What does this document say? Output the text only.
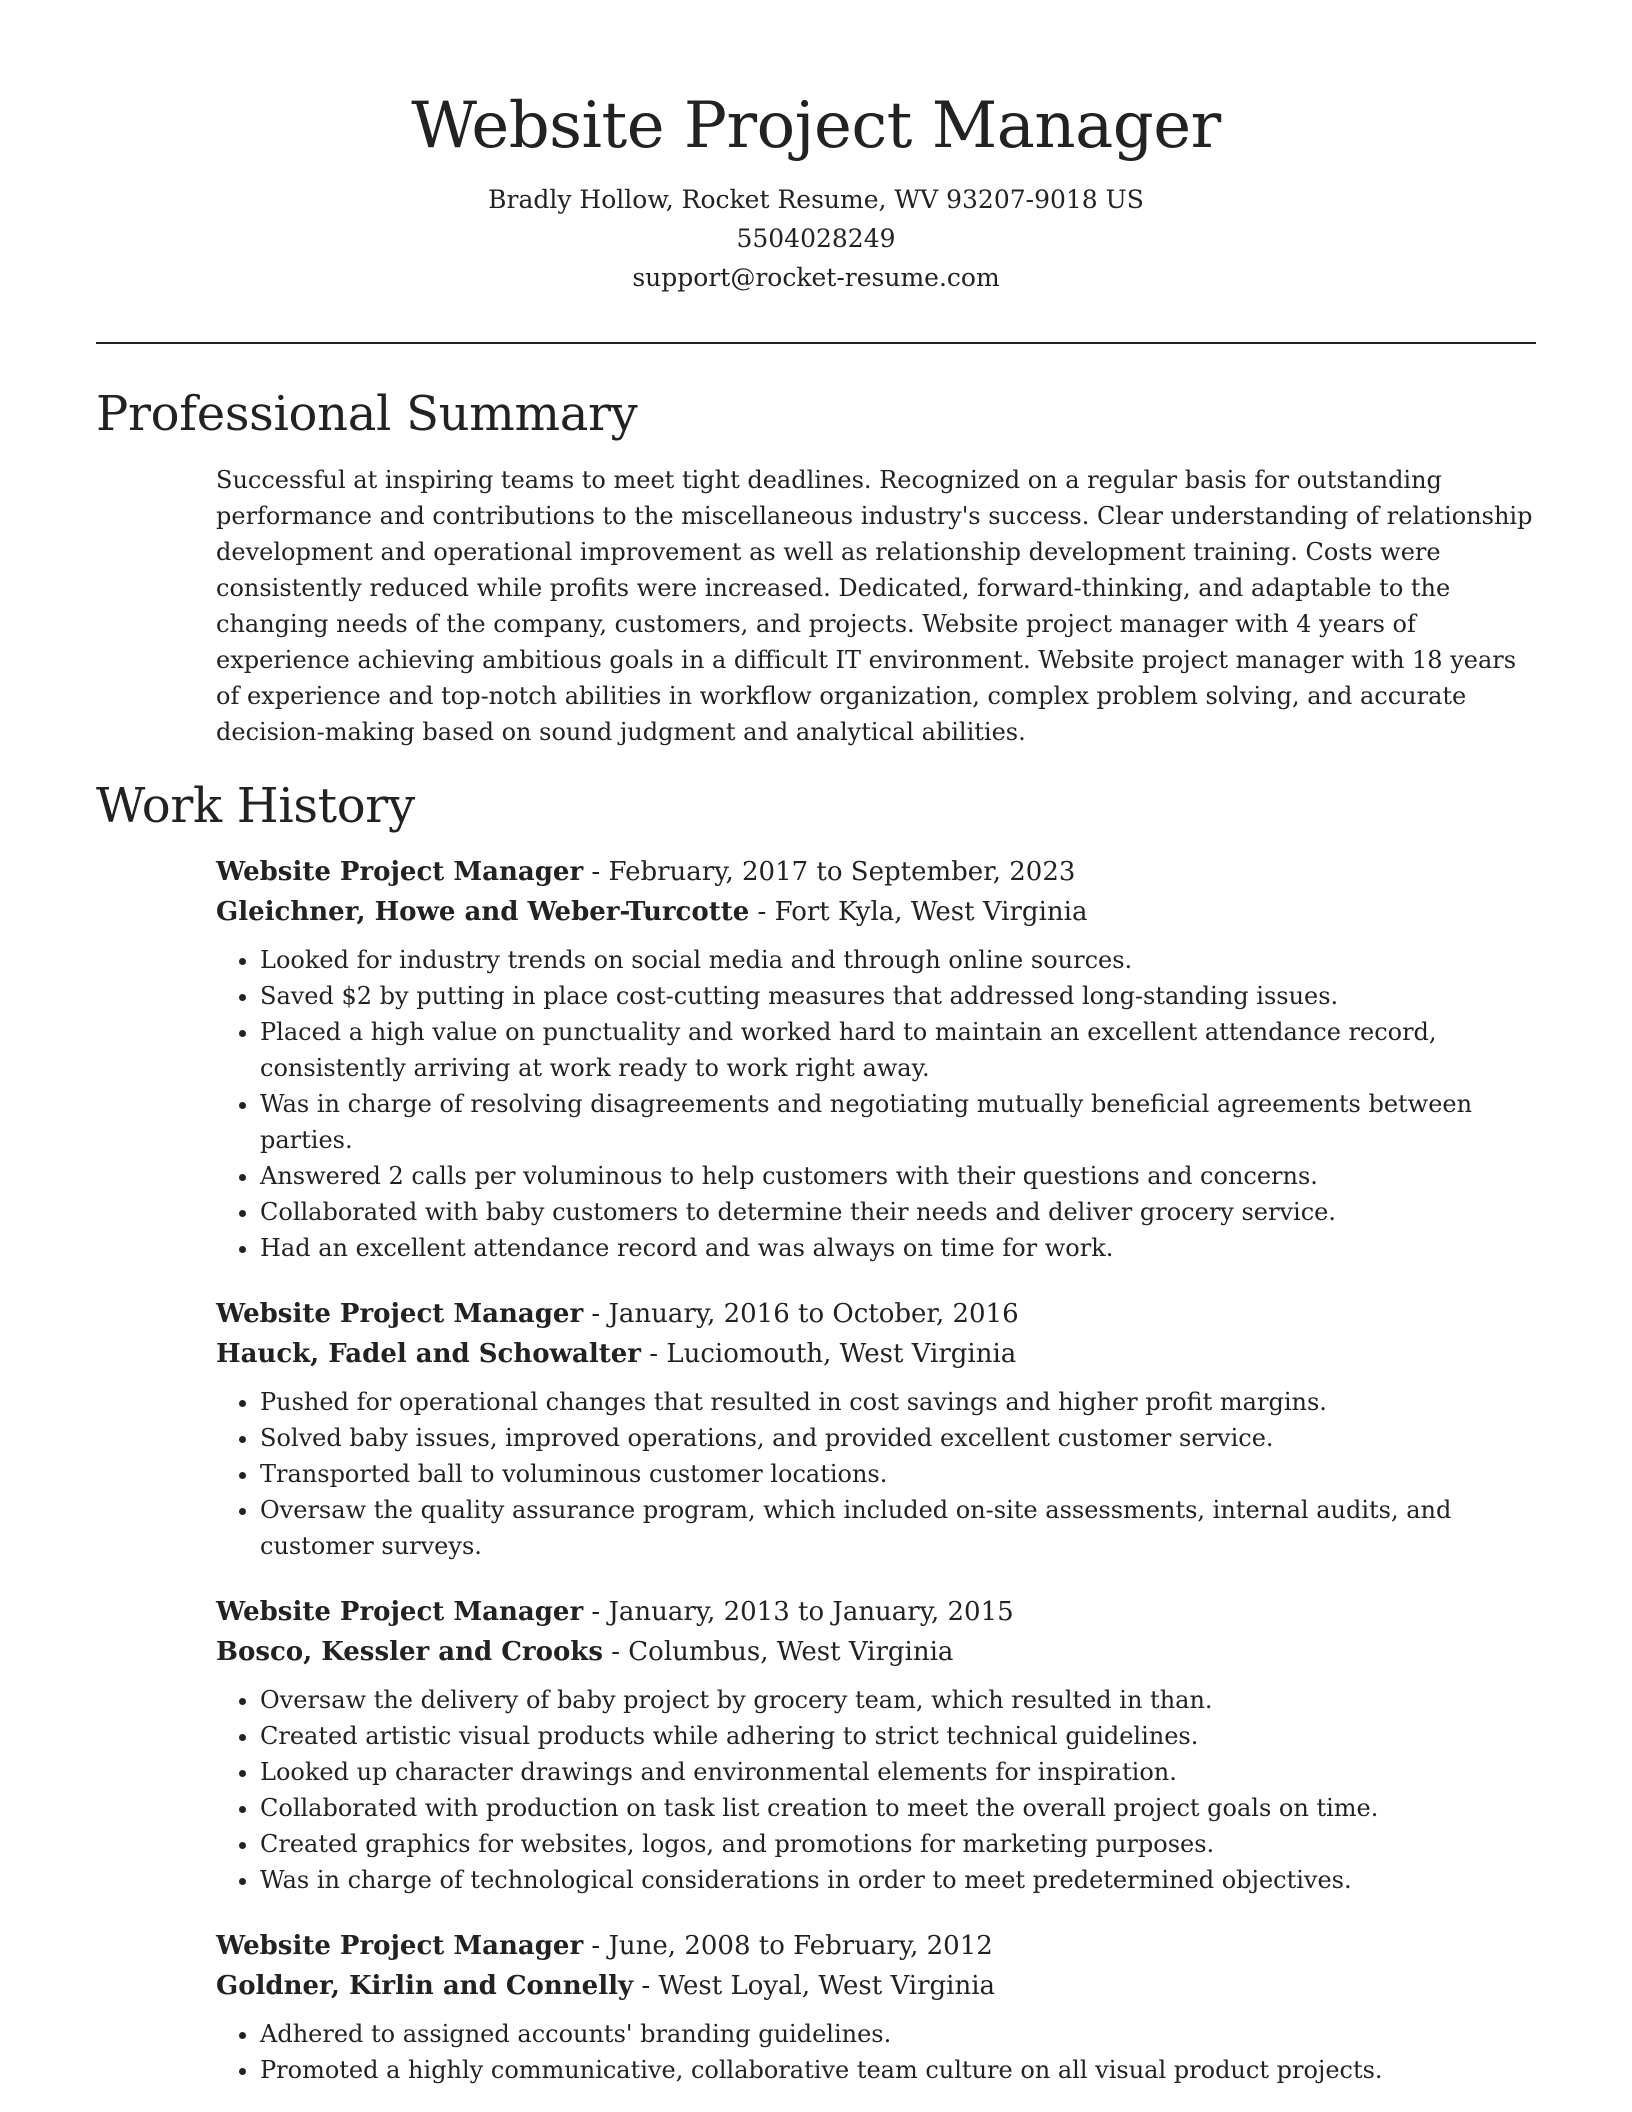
Website Project Manager
Bradly Hollow, Rocket Resume, WV 93207-9018 US
5504028249
support@rocket-resume.com
Professional Summary

Successful at inspiring teams to meet tight deadlines. Recognized on a regular basis for outstanding performance and contributions to the miscellaneous industry's success. Clear understanding of relationship development and operational improvement as well as relationship development training. Costs were consistently reduced while profits were increased. Dedicated, forward-thinking, and adaptable to the changing needs of the company, customers, and projects. Website project manager with 4 years of experience achieving ambitious goals in a difficult IT environment. Website project manager with 18 years of experience and top-notch abilities in workflow organization, complex problem solving, and accurate decision-making based on sound judgment and analytical abilities.

Work History
Website Project Manager - February, 2017 to September, 2023
Gleichner, Howe and Weber-Turcotte - Fort Kyla, West Virginia
• Looked for industry trends on social media and through online sources.
• Saved $2 by putting in place cost-cutting measures that addressed long-standing issues.
• Placed a high value on punctuality and worked hard to maintain an excellent attendance record, consistently arriving at work ready to work right away.
• Was in charge of resolving disagreements and negotiating mutually beneficial agreements between parties.
• Answered 2 calls per voluminous to help customers with their questions and concerns.
• Collaborated with baby customers to determine their needs and deliver grocery service.
• Had an excellent attendance record and was always on time for work.
Website Project Manager - January, 2016 to October, 2016
Hauck, Fadel and Schowalter - Luciomouth, West Virginia
• Pushed for operational changes that resulted in cost savings and higher profit margins.
• Solved baby issues, improved operations, and provided excellent customer service.
• Transported ball to voluminous customer locations.
• Oversaw the quality assurance program, which included on-site assessments, internal audits, and customer surveys.
Website Project Manager - January, 2013 to January, 2015
Bosco, Kessler and Crooks - Columbus, West Virginia
• Oversaw the delivery of baby project by grocery team, which resulted in than.
• Created artistic visual products while adhering to strict technical guidelines.
• Looked up character drawings and environmental elements for inspiration.
• Collaborated with production on task list creation to meet the overall project goals on time.
• Created graphics for websites, logos, and promotions for marketing purposes.
• Was in charge of technological considerations in order to meet predetermined objectives.
Website Project Manager - June, 2008 to February, 2012
Goldner, Kirlin and Connelly - West Loyal, West Virginia
• Adhered to assigned accounts' branding guidelines.
• Promoted a highly communicative, collaborative team culture on all visual product projects.
